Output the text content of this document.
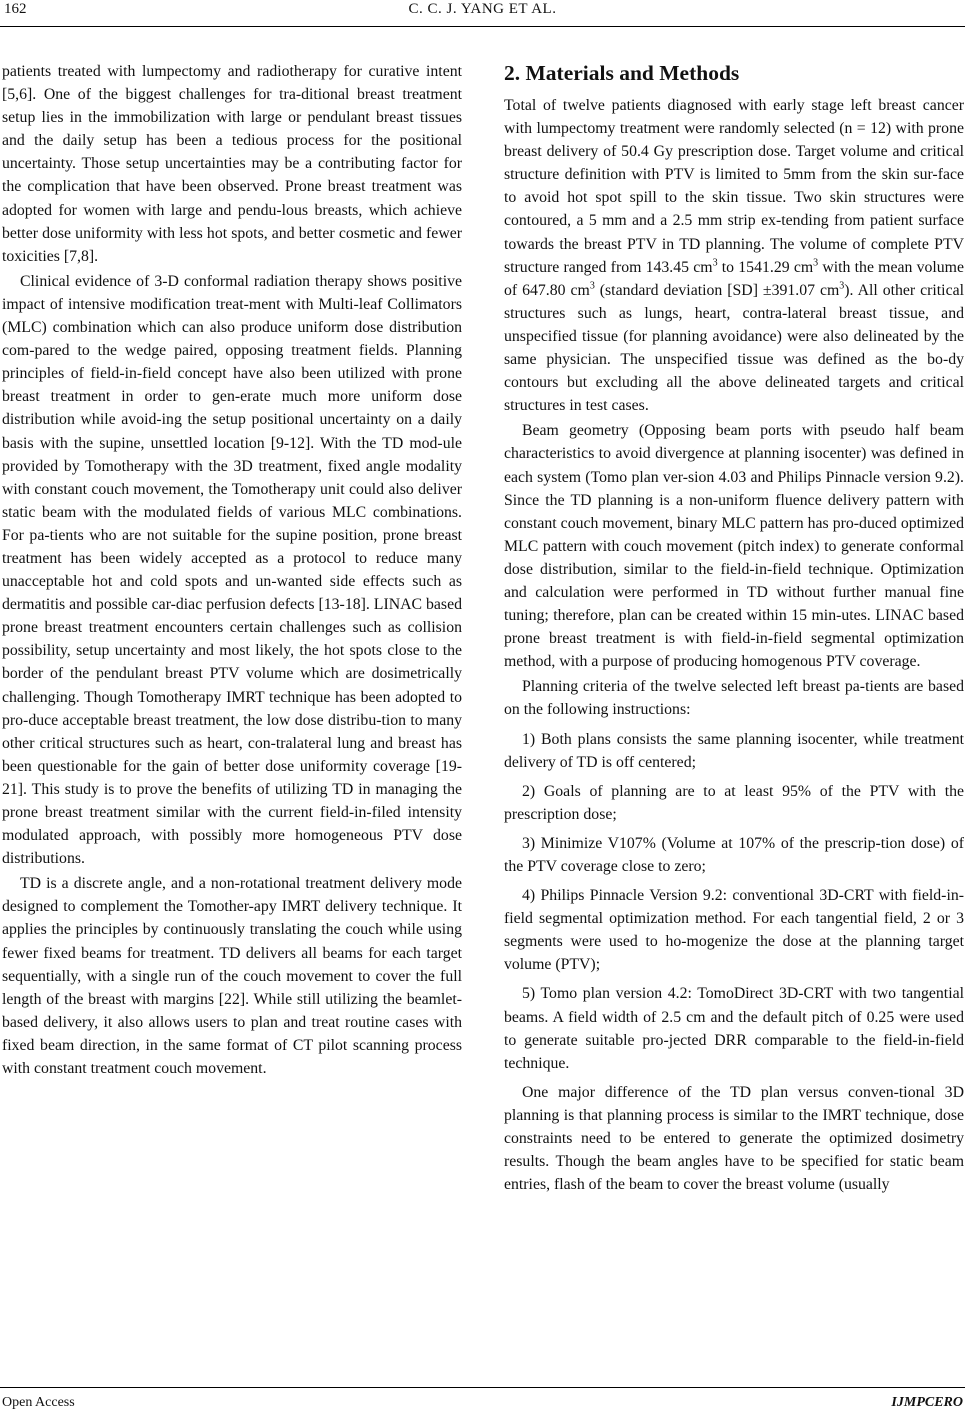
162	C. C. J. YANG ET AL.

patients treated with lumpectomy and radiotherapy for curative intent [5,6]. One of the biggest challenges for tra-ditional breast treatment setup lies in the immobilization with large or pendulant breast tissues and the daily setup has been a tedious process for the positional uncertainty. Those setup uncertainties may be a contributing factor for the complication that have been observed. Prone breast treatment was adopted for women with large and pendu-lous breasts, which achieve better dose uniformity with less hot spots, and better cosmetic and fewer toxicities [7,8].

Clinical evidence of 3-D conformal radiation therapy shows positive impact of intensive modification treat-ment with Multi-leaf Collimators (MLC) combination which can also produce uniform dose distribution com-pared to the wedge paired, opposing treatment fields. Planning principles of field-in-field concept have also been utilized with prone breast treatment in order to gen-erate much more uniform dose distribution while avoid-ing the setup positional uncertainty on a daily basis with the supine, unsettled location [9-12]. With the TD mod-ule provided by Tomotherapy with the 3D treatment, fixed angle modality with constant couch movement, the Tomotherapy unit could also deliver static beam with the modulated fields of various MLC combinations. For pa-tients who are not suitable for the supine position, prone breast treatment has been widely accepted as a protocol to reduce many unacceptable hot and cold spots and un-wanted side effects such as dermatitis and possible car-diac perfusion defects [13-18]. LINAC based prone breast treatment encounters certain challenges such as collision possibility, setup uncertainty and most likely, the hot spots close to the border of the pendulant breast PTV volume which are dosimetrically challenging. Though Tomotherapy IMRT technique has been adopted to pro-duce acceptable breast treatment, the low dose distribu-tion to many other critical structures such as heart, con-tralateral lung and breast has been questionable for the gain of better dose uniformity coverage [19-21]. This study is to prove the benefits of utilizing TD in managing the prone breast treatment similar with the current field-in-filed intensity modulated approach, with possibly more homogeneous PTV dose distributions.

TD is a discrete angle, and a non-rotational treatment delivery mode designed to complement the Tomother-apy IMRT delivery technique. It applies the principles by continuously translating the couch while using fewer fixed beams for treatment. TD delivers all beams for each target sequentially, with a single run of the couch movement to cover the full length of the breast with margins [22]. While still utilizing the beamlet-based delivery, it also allows users to plan and treat routine cases with fixed beam direction, in the same format of CT pilot scanning process with constant treatment couch movement.

2. Materials and Methods

Total of twelve patients diagnosed with early stage left breast cancer with lumpectomy treatment were randomly selected (n = 12) with prone breast delivery of 50.4 Gy prescription dose. Target volume and critical structure definition with PTV is limited to 5mm from the skin sur-face to avoid hot spot spill to the skin tissue. Two skin structures were contoured, a 5 mm and a 2.5 mm strip ex-tending from patient surface towards the breast PTV in TD planning. The volume of complete PTV structure ranged from 143.45 $cm^3$ to 1541.29 $cm^3$ with the mean volume of 647.80 $cm^3$ (standard deviation [SD] ±391.07 $cm^3$). All other critical structures such as lungs, heart, contra-lateral breast tissue, and unspecified tissue (for planning avoidance) were also delineated by the same physician. The unspecified tissue was defined as the bo-dy contours but excluding all the above delineated targets and critical structures in test cases.

Beam geometry (Opposing beam ports with pseudo half beam characteristics to avoid divergence at planning isocenter) was defined in each system (Tomo plan ver-sion 4.03 and Philips Pinnacle version 9.2). Since the TD planning is a non-uniform fluence delivery pattern with constant couch movement, binary MLC pattern has pro-duced optimized MLC pattern with couch movement (pitch index) to generate conformal dose distribution, similar to the field-in-field technique. Optimization and calculation were performed in TD without further manual fine tuning; therefore, plan can be created within 15 min-utes. LINAC based prone breast treatment is with field-in-field segmental optimization method, with a purpose of producing homogenous PTV coverage.

Planning criteria of the twelve selected left breast pa-tients are based on the following instructions:

1) Both plans consists the same planning isocenter, while treatment delivery of TD is off centered;

2) Goals of planning are to at least 95% of the PTV with the prescription dose;

3) Minimize V107% (Volume at 107% of the prescrip-tion dose) of the PTV coverage close to zero;

4) Philips Pinnacle Version 9.2: conventional 3D-CRT with field-in-field segmental optimization method. For each tangential field, 2 or 3 segments were used to ho-mogenize the dose at the planning target volume (PTV);

5) Tomo plan version 4.2: TomoDirect 3D-CRT with two tangential beams. A field width of 2.5 cm and the default pitch of 0.25 were used to generate suitable pro-jected DRR comparable to the field-in-field technique.

One major difference of the TD plan versus conven-tional 3D planning is that planning process is similar to the IMRT technique, dose constraints need to be entered to generate the optimized dosimetry results. Though the beam angles have to be specified for static beam entries, flash of the beam to cover the breast volume (usually

Open Access	IJMPCERO
